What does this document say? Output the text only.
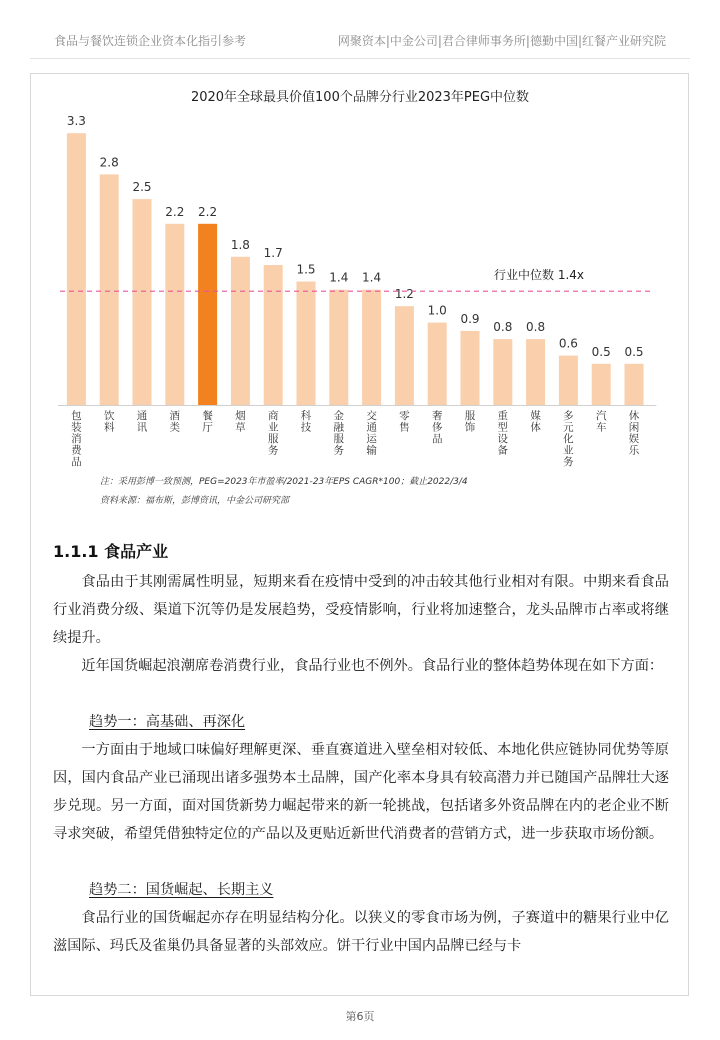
食品与餐饮连锁企业资本化指引参考	网聚资本|中金公司|君合律师事务所|德勤中国|红餐产业研究院
2020年全球最具价值100个品牌分行业2023年PEG中位数
3.3
2.8
2.5
2.2 2.2
1.8
1.7
1.5
1.4 1.4
1.2
1.0
0.9
0.8 0.8
0.6
0.5 0.5
包装消费品
饮料
通讯
酒类
餐厅
烟草
商业服务
科技
金融服务
交通运输
零售
奢侈品
服饰
重型设备
媒体
多元化业务
汽车
休闲娱乐
行业中位数 1.4x
注：采用彭博一致预测，PEG=2023年市盈率/2021-23年EPS CAGR*100；截止2022/3/4
资料来源：福布斯，彭博资讯，中金公司研究部
1.1.1 食品产业
食品由于其刚需属性明显，短期来看在疫情中受到的冲击较其他行业相对有限。中期来看食品行业消费分级、渠道下沉等仍是发展趋势，受疫情影响，行业将加速整合，龙头品牌市占率或将继续提升。
近年国货崛起浪潮席卷消费行业，食品行业也不例外。食品行业的整体趋势体现在如下方面：
趋势一：高基础、再深化
一方面由于地域口味偏好理解更深、垂直赛道进入壁垒相对较低、本地化供应链协同优势等原因，国内食品产业已涌现出诸多强势本土品牌，国产化率本身具有较高潜力并已随国产品牌壮大逐步兑现。另一方面，面对国货新势力崛起带来的新一轮挑战，包括诸多外资品牌在内的老企业不断寻求突破，希望凭借独特定位的产品以及更贴近新世代消费者的营销方式，进一步获取市场份额。
趋势二：国货崛起、长期主义
食品行业的国货崛起亦存在明显结构分化。以狭义的零食市场为例，子赛道中的糖果行业中亿滋国际、玛氏及雀巢仍具备显著的头部效应。饼干行业中国内品牌已经与卡
第6页
